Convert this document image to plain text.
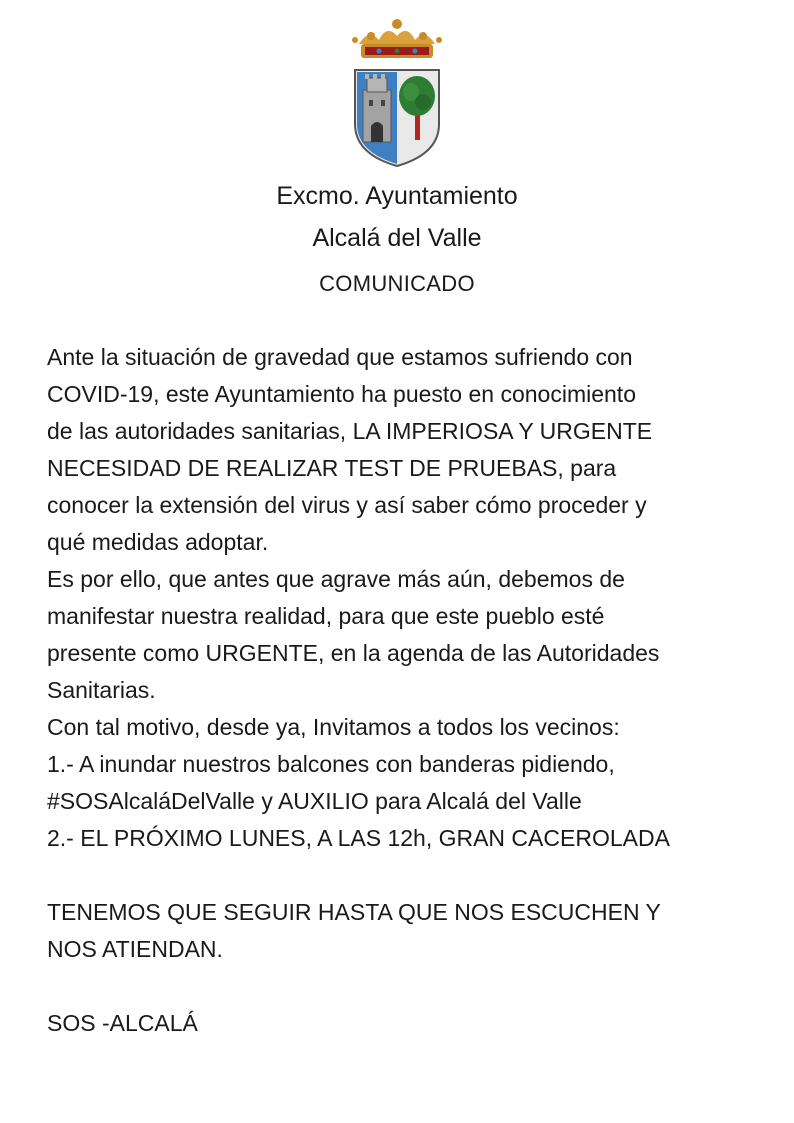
Excmo. Ayuntamiento
Alcalá del Valle
COMUNICADO

Ante la situación de gravedad que estamos sufriendo con

COVID-19, este Ayuntamiento ha puesto en conocimiento

de las autoridades sanitarias, LA IMPERIOSA Y URGENTE

NECESIDAD DE REALIZAR TEST DE PRUEBAS, para

conocer la extensión del virus y así saber cómo proceder y

qué medidas adoptar.

Es por ello, que antes que agrave más aún, debemos de

manifestar nuestra realidad, para que este pueblo esté

presente como URGENTE, en la agenda de las Autoridades

Sanitarias.

Con tal motivo, desde ya, Invitamos a todos los vecinos:

1.- A inundar nuestros balcones con banderas pidiendo,

#SOSAlcaláDelValle y AUXILIO para Alcalá del Valle

2.- EL PRÓXIMO LUNES, A LAS 12h, GRAN CACEROLADA

TENEMOS QUE SEGUIR HASTA QUE NOS ESCUCHEN Y

NOS ATIENDAN.

SOS -ALCALÁ
